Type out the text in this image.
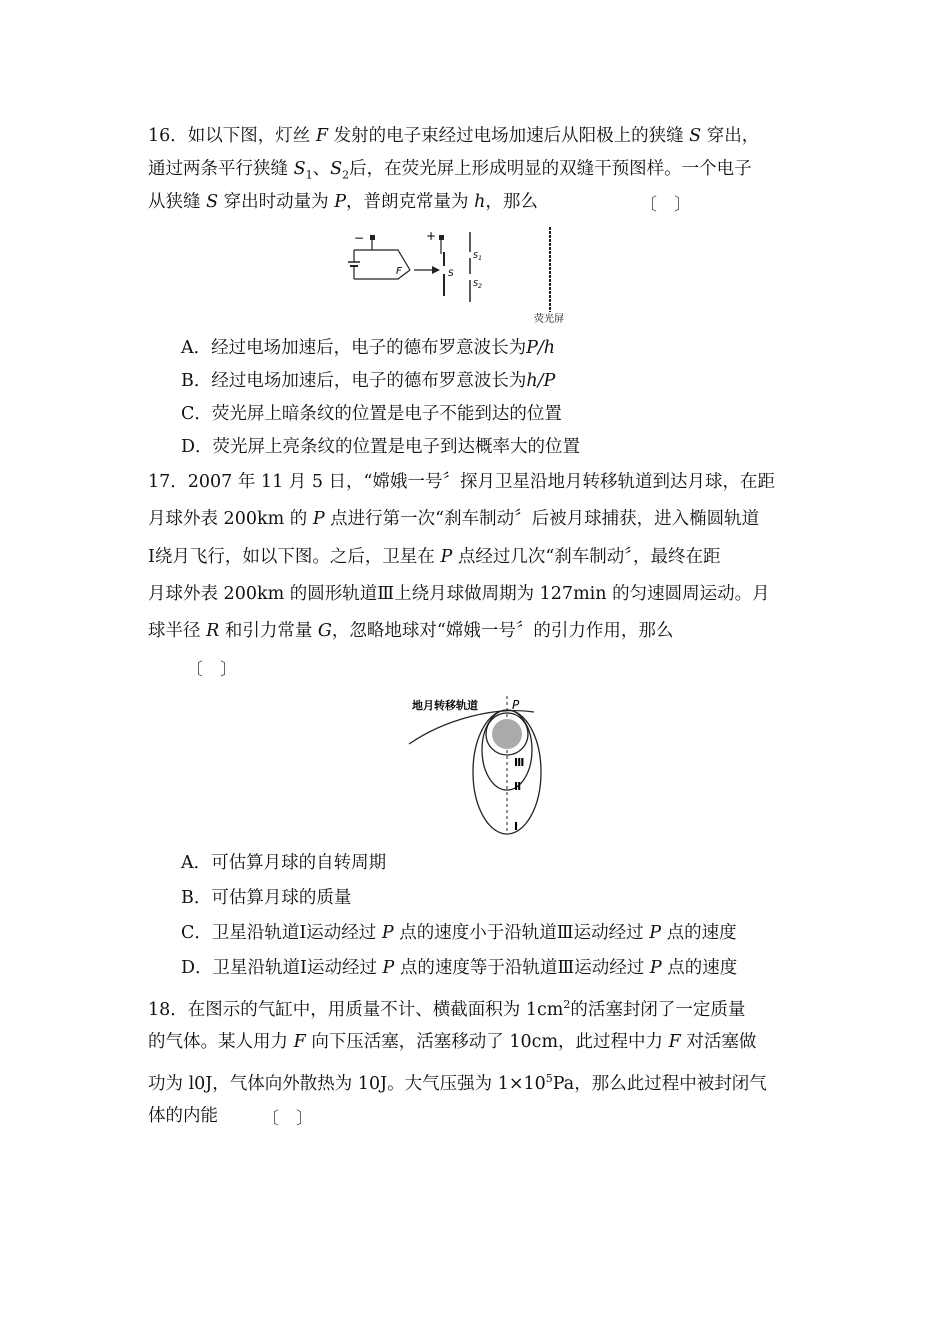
16．如以下图，灯丝 F 发射的电子束经过电场加速后从阳极上的狭缝 S 穿出，
通过两条平行狭缝 $S_1$、$S_2$后，在荧光屏上形成明显的双缝干预图样。一个电子
从狭缝 S 穿出时动量为 P，普朗克常量为 h，那么	〔　〕
−
F
+
S
$S_1$
$S_2$
荧光屏
A．经过电场加速后，电子的德布罗意波长为P/h
B．经过电场加速后，电子的德布罗意波长为h/P
C．荧光屏上暗条纹的位置是电子不能到达的位置
D．荧光屏上亮条纹的位置是电子到达概率大的位置
17．2007 年 11 月 5 日，“嫦娥一号〞探月卫星沿地月转移轨道到达月球，在距
月球外表 200km 的 P 点进行第一次“刹车制动〞后被月球捕获，进入椭圆轨道
Ⅰ绕月飞行，如以下图。之后，卫星在 P 点经过几次“刹车制动〞，最终在距
月球外表 200km 的圆形轨道Ⅲ上绕月球做周期为 127min 的匀速圆周运动。月
球半径 R 和引力常量 G，忽略地球对“嫦娥一号〞的引力作用，那么
〔　〕
地月转移轨道	P
Ⅲ
Ⅱ
Ⅰ
A．可估算月球的自转周期
B．可估算月球的质量
C．卫星沿轨道Ⅰ运动经过 P 点的速度小于沿轨道Ⅲ运动经过 P 点的速度
D．卫星沿轨道Ⅰ运动经过 P 点的速度等于沿轨道Ⅲ运动经过 P 点的速度
18．在图示的气缸中，用质量不计、横截面积为 $1cm^2$的活塞封闭了一定质量
的气体。某人用力 F 向下压活塞，活塞移动了 10cm，此过程中力 F 对活塞做
功为 l0J，气体向外散热为 10J。大气压强为 $1\times 10^5Pa$，那么此过程中被封闭气
体的内能	〔　〕
